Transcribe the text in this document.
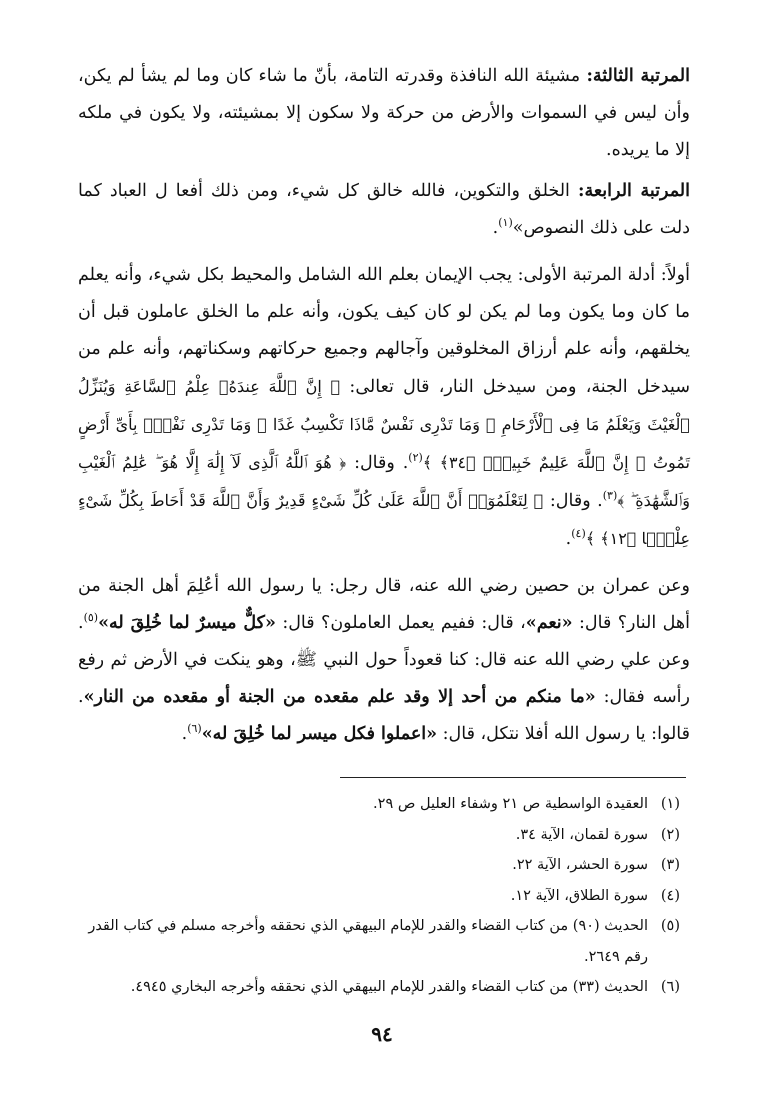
المرتبة الثالثة: مشيئة الله النافذة وقدرته التامة، بأنّ ما شاء كان وما لم يشأ لم يكن، وأن ليس في السموات والأرض من حركة ولا سكون إلا بمشيئته، ولا يكون في ملكه إلا ما يريده.

المرتبة الرابعة: الخلق والتكوين، فالله خالق كل شيء، ومن ذلك أفعا ل العباد كما دلت على ذلك النصوص»$^{(١)}$.

أولاً: أدلة المرتبة الأولى: يجب الإيمان بعلم الله الشامل والمحيط بكل شيء، وأنه يعلم ما كان وما يكون وما لم يكن لو كان كيف يكون، وأنه علم ما الخلق عاملون قبل أن يخلقهم، وأنه علم أرزاق المخلوقين وآجالهم وجميع حركاتهم وسكناتهم، وأنه علم من سيدخل الجنة، ومن سيدخل النار، قال تعالى: ﴿ إِنَّ ٱللَّهَ عِندَهُۥ عِلْمُ ٱلسَّاعَةِ وَيُنَزِّلُ ٱلْغَيْثَ وَيَعْلَمُ مَا فِى ٱلْأَرْحَامِ ۖ وَمَا تَدْرِى نَفْسٌ مَّاذَا تَكْسِبُ غَدًا ۖ وَمَا تَدْرِى نَفْسٌۢ بِأَىِّ أَرْضٍ تَمُوتُ ۚ إِنَّ ٱللَّهَ عَلِيمٌ خَبِيرٌۢ ﴿٣٤﴾ ﴾$^{(٢)}$. وقال: ﴿ هُوَ ٱللَّهُ ٱلَّذِى لَآ إِلَٰهَ إِلَّا هُوَ ۖ عَٰلِمُ ٱلْغَيْبِ وَٱلشَّهَٰدَةِ ۖ ﴾$^{(٣)}$. وقال: ﴿ لِتَعْلَمُوٓا۟ أَنَّ ٱللَّهَ عَلَىٰ كُلِّ شَىْءٍ قَدِيرٌ وَأَنَّ ٱللَّهَ قَدْ أَحَاطَ بِكُلِّ شَىْءٍ عِلْمًۢا ﴿١٢﴾ ﴾$^{(٤)}$.

وعن عمران بن حصين رضي الله عنه، قال رجل: يا رسول الله أعُلِمَ أهل الجنة من أهل النار؟ قال: «نعم»، قال: ففيم يعمل العاملون؟ قال: «كلٌّ ميسرٌ لما خُلِقَ له»$^{(٥)}$. وعن علي رضي الله عنه قال: كنا قعوداً حول النبي ﷺ، وهو ينكت في الأرض ثم رفع رأسه فقال: «ما منكم من أحد إلا وقد علم مقعده من الجنة أو مقعده من النار». قالوا: يا رسول الله أفلا نتكل، قال: «اعملوا فكل ميسر لما خُلِقَ له»$^{(٦)}$.

(١)
العقيدة الواسطية ص ٢١ وشفاء العليل ص ٢٩.

(٢)
سورة لقمان، الآية ٣٤.

(٣)
سورة الحشر، الآية ٢٢.

(٤)
سورة الطلاق، الآية ١٢.

(٥)
الحديث (٩٠) من كتاب القضاء والقدر للإمام البيهقي الذي نحققه وأخرجه مسلم في كتاب القدر رقم ٢٦٤٩.

(٦)
الحديث (٣٣) من كتاب القضاء والقدر للإمام البيهقي الذي نحققه وأخرجه البخاري ٤٩٤٥.

٩٤
